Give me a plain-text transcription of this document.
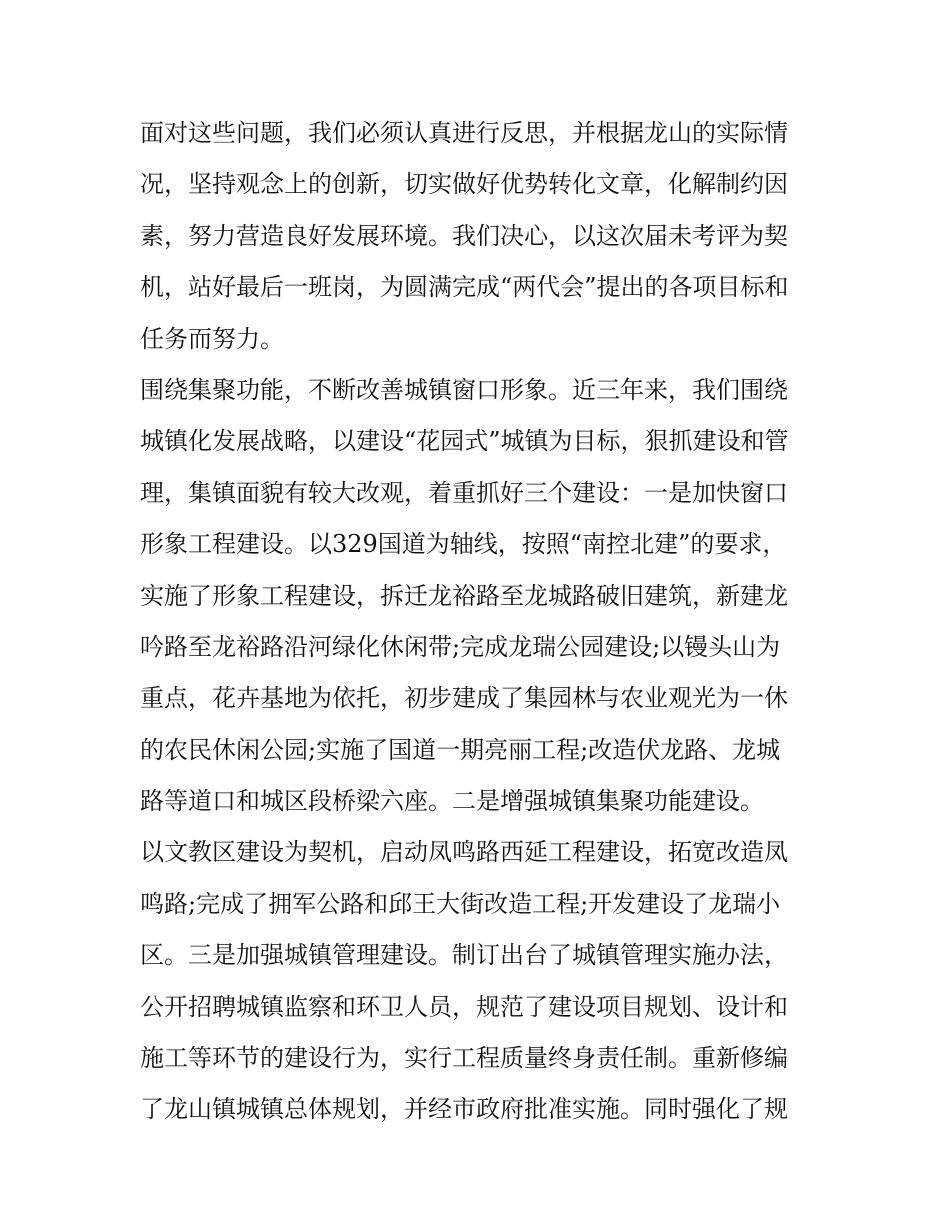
面对这些问题，我们必须认真进行反思，并根据龙山的实际情
况，坚持观念上的创新，切实做好优势转化文章，化解制约因
素，努力营造良好发展环境。我们决心，以这次届未考评为契
机，站好最后一班岗，为圆满完成“两代会”提出的各项目标和
任务而努力。
围绕集聚功能，不断改善城镇窗口形象。近三年来，我们围绕
城镇化发展战略，以建设“花园式”城镇为目标，狠抓建设和管
理，集镇面貌有较大改观，着重抓好三个建设：一是加快窗口
形象工程建设。以329国道为轴线，按照“南控北建”的要求，
实施了形象工程建设，拆迁龙裕路至龙城路破旧建筑，新建龙
吟路至龙裕路沿河绿化休闲带;完成龙瑞公园建设;以镘头山为
重点，花卉基地为依托，初步建成了集园林与农业观光为一休
的农民休闲公园;实施了国道一期亮丽工程;改造伏龙路、龙城
路等道口和城区段桥梁六座。二是增强城镇集聚功能建设。
以文教区建设为契机，启动凤鸣路西延工程建设，拓宽改造凤
鸣路;完成了拥军公路和邱王大街改造工程;开发建设了龙瑞小
区。三是加强城镇管理建设。制订出台了城镇管理实施办法，
公开招聘城镇监察和环卫人员，规范了建设项目规划、设计和
施工等环节的建设行为，实行工程质量终身责任制。重新修编
了龙山镇城镇总体规划，并经市政府批准实施。同时强化了规
